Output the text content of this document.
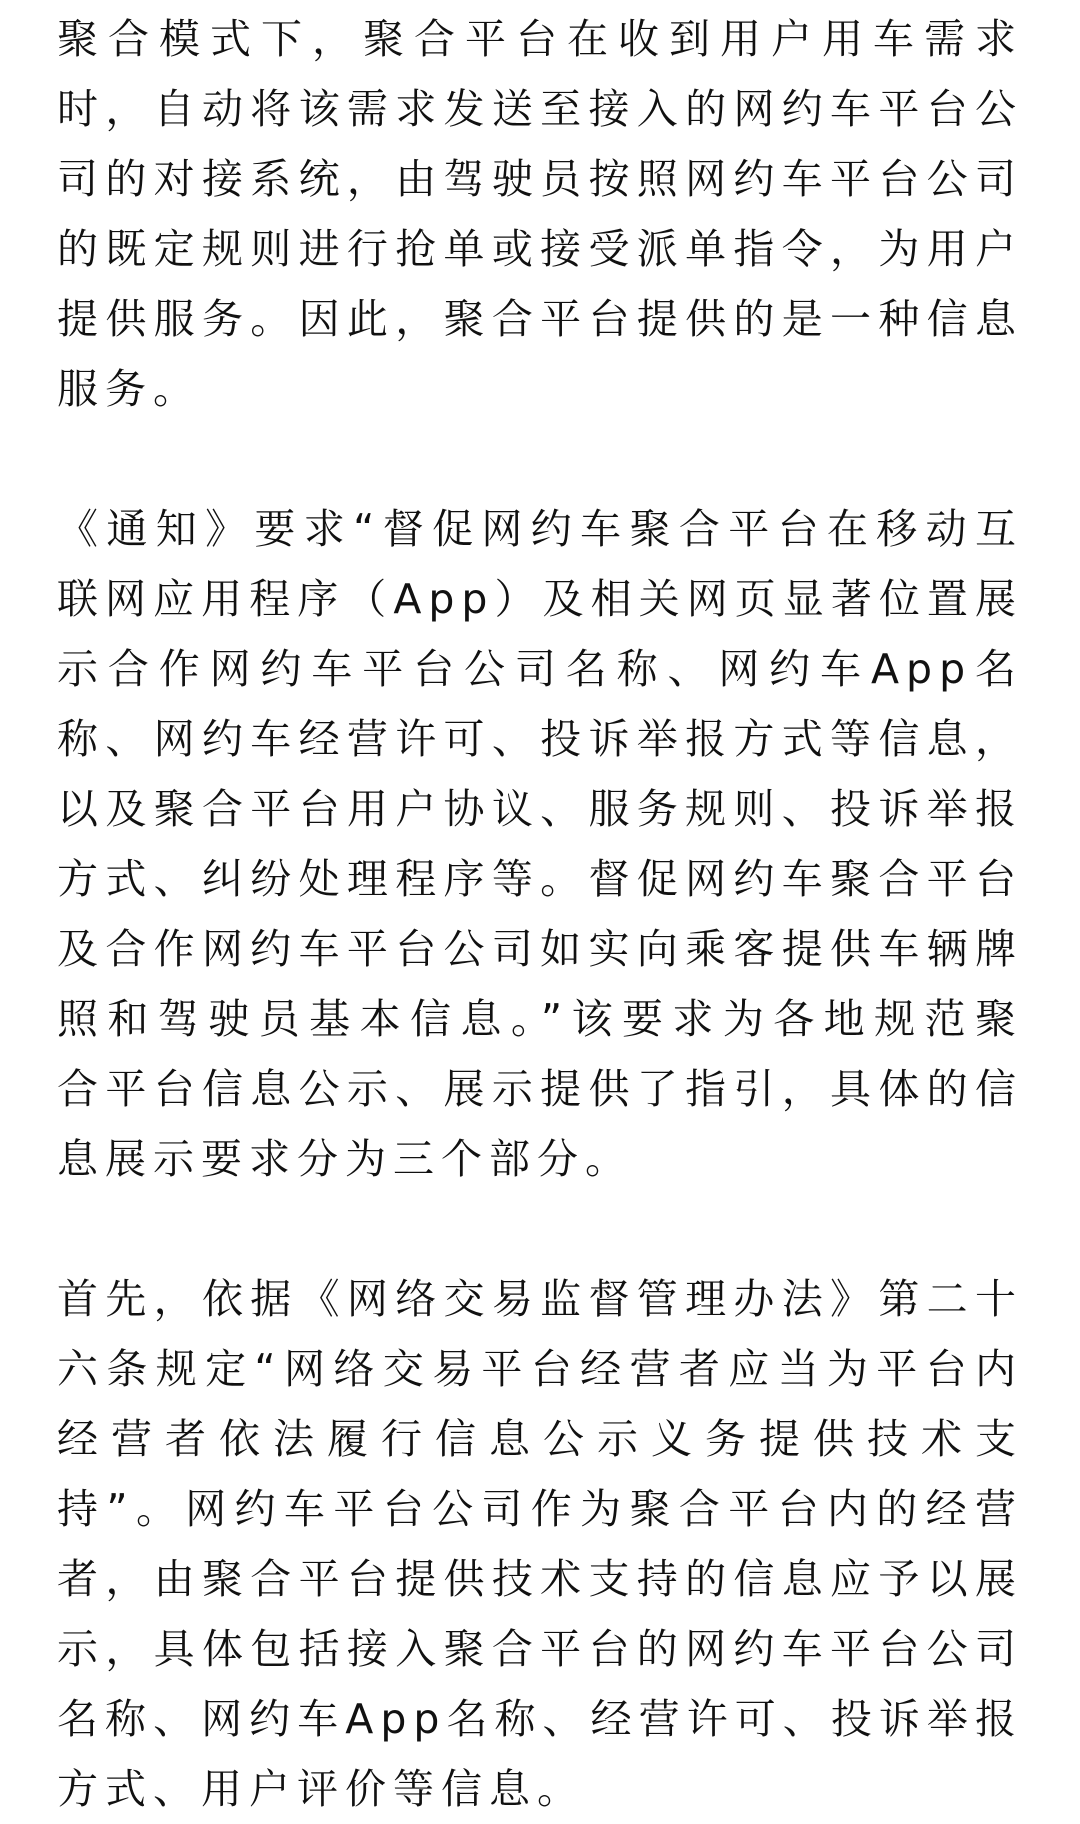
聚合模式下，聚合平台在收到用户用车需求时，自动将该需求发送至接入的网约车平台公司的对接系统，由驾驶员按照网约车平台公司的既定规则进行抢单或接受派单指令，为用户提供服务。因此，聚合平台提供的是一种信息服务。

《通知》要求“督促网约车聚合平台在移动互联网应用程序（App）及相关网页显著位置展示合作网约车平台公司名称、网约车App名称、网约车经营许可、投诉举报方式等信息，以及聚合平台用户协议、服务规则、投诉举报方式、纠纷处理程序等。督促网约车聚合平台及合作网约车平台公司如实向乘客提供车辆牌照和驾驶员基本信息。”该要求为各地规范聚合平台信息公示、展示提供了指引，具体的信息展示要求分为三个部分。

首先，依据《网络交易监督管理办法》第二十六条规定“网络交易平台经营者应当为平台内经营者依法履行信息公示义务提供技术支持”。网约车平台公司作为聚合平台内的经营者，由聚合平台提供技术支持的信息应予以展示，具体包括接入聚合平台的网约车平台公司名称、网约车App名称、经营许可、投诉举报方式、用户评价等信息。
